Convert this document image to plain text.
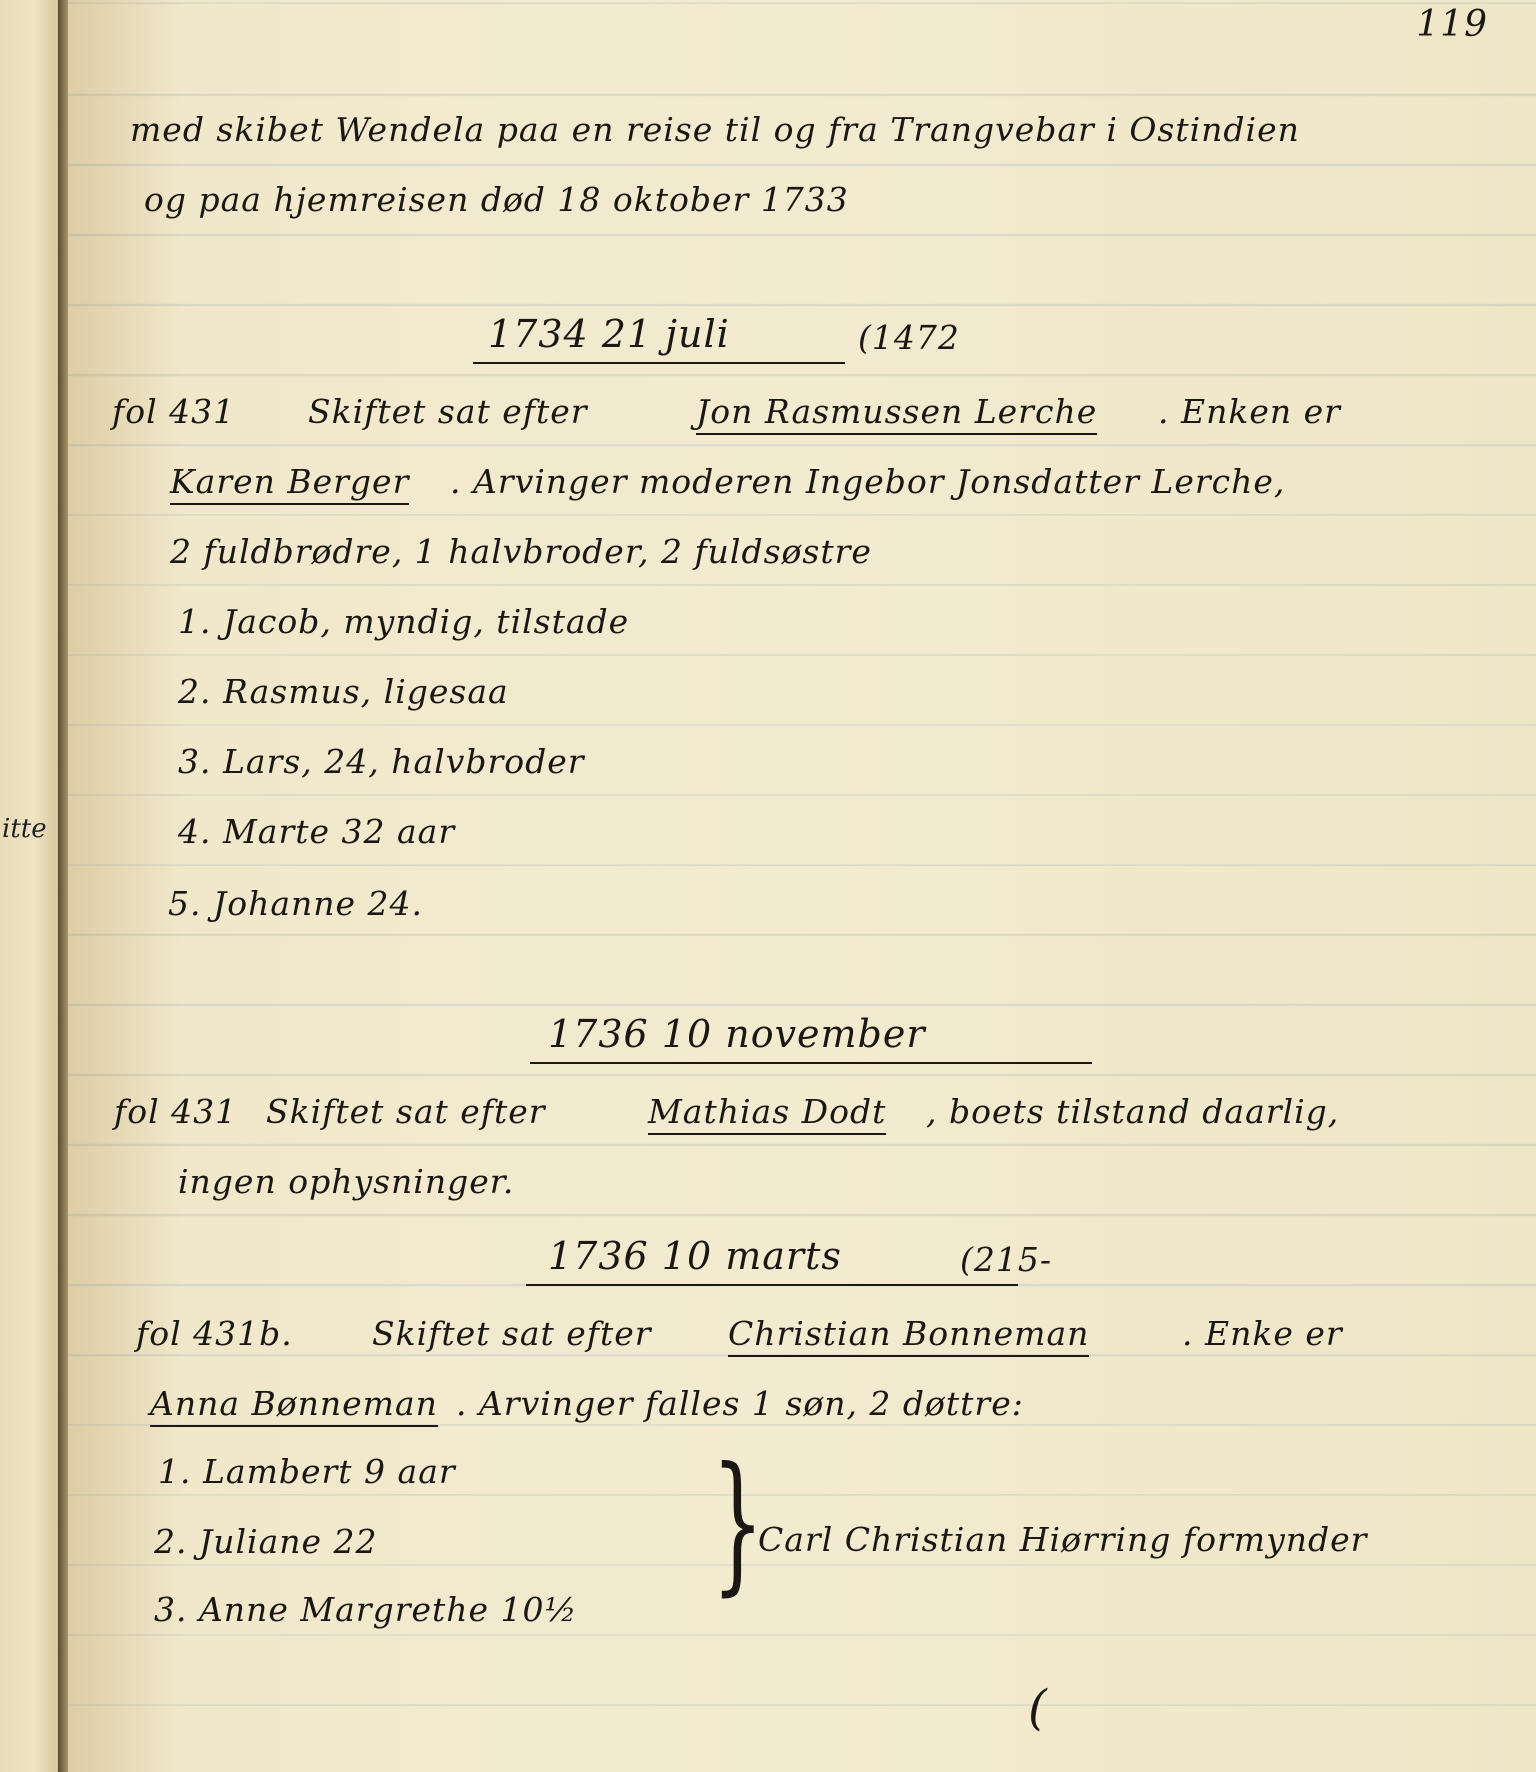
itte
119
med skibet Wendela paa en reise til og fra Trangvebar i Ostindien
og paa hjemreisen død 18 oktober 1733
1734 21 juli	(1472
fol 431 Skiftet sat efter	Jon Rasmussen Lerche . Enken er
Karen Berger . Arvinger moderen Ingebor Jonsdatter Lerche,
2 fuldbrødre, 1 halvbroder, 2 fuldsøstre
1. Jacob, myndig, tilstade
2. Rasmus, ligesaa
3. Lars, 24, halvbroder
4. Marte 32 aar
5. Johanne 24.
1736 10 november
fol 431 Skiftet sat efter	Mathias Dodt , boets tilstand daarlig,
ingen ophysninger.
1736 10 marts	(215-
fol 431b. Skiftet sat efter Christian Bonneman	. Enke er
Anna Bønneman . Arvinger falles 1 søn, 2 døttre:
1. Lambert 9 aar
2. Juliane 22
3. Anne Margrethe 10½ }
Carl Christian Hiørring formynder
(
